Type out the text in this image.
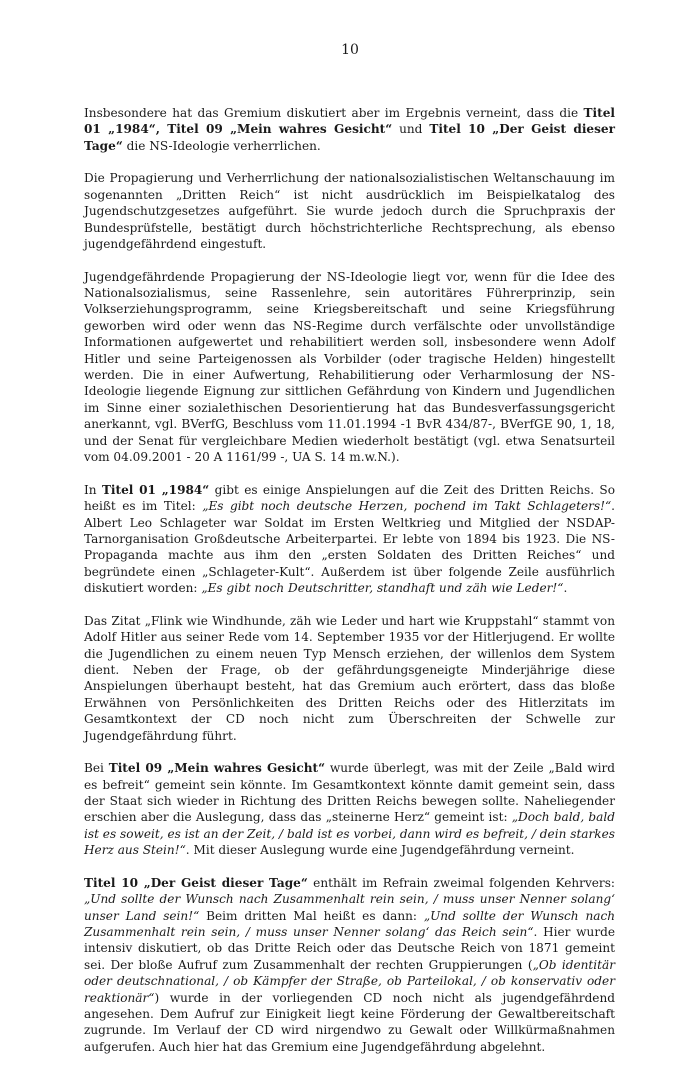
10

Insbesondere hat das Gremium diskutiert aber im Ergebnis verneint, dass die Titel 01 „1984“, Titel 09 „Mein wahres Gesicht“ und Titel 10 „Der Geist dieser Tage“ die NS-Ideologie verherrlichen.

Die Propagierung und Verherrlichung der nationalsozialistischen Weltanschauung im sogenannten „Dritten Reich“ ist nicht ausdrücklich im Beispielkatalog des Jugendschutzgesetzes aufgeführt. Sie wurde jedoch durch die Spruchpraxis der Bundesprüfstelle, bestätigt durch höchstrichterliche Rechtsprechung, als ebenso jugendgefährdend eingestuft.

Jugendgefährdende Propagierung der NS-Ideologie liegt vor, wenn für die Idee des Nationalsozialismus, seine Rassenlehre, sein autoritäres Führerprinzip, sein Volkserziehungsprogramm, seine Kriegsbereitschaft und seine Kriegsführung geworben wird oder wenn das NS-Regime durch verfälschte oder unvollständige Informationen aufgewertet und rehabilitiert werden soll, insbesondere wenn Adolf Hitler und seine Parteigenossen als Vorbilder (oder tragische Helden) hingestellt werden. Die in einer Aufwertung, Rehabilitierung oder Verharmlosung der NS-Ideologie liegende Eignung zur sittlichen Gefährdung von Kindern und Jugendlichen im Sinne einer sozialethischen Desorientierung hat das Bundesverfassungsgericht anerkannt, vgl. BVerfG, Beschluss vom 11.01.1994 -1 BvR 434/87-, BVerfGE 90, 1, 18, und der Senat für vergleichbare Medien wiederholt bestätigt (vgl. etwa Senatsurteil vom 04.09.2001 - 20 A 1161/99 -, UA S. 14 m.w.N.).

In Titel 01 „1984“ gibt es einige Anspielungen auf die Zeit des Dritten Reichs. So heißt es im Titel: „Es gibt noch deutsche Herzen, pochend im Takt Schlageters!“. Albert Leo Schlageter war Soldat im Ersten Weltkrieg und Mitglied der NSDAP-Tarnorganisation Großdeutsche Arbeiterpartei. Er lebte von 1894 bis 1923. Die NS-Propaganda machte aus ihm den „ersten Soldaten des Dritten Reiches“ und begründete einen „Schlageter-Kult“. Außerdem ist über folgende Zeile ausführlich diskutiert worden: „Es gibt noch Deutschritter, standhaft und zäh wie Leder!“.

Das Zitat „Flink wie Windhunde, zäh wie Leder und hart wie Kruppstahl“ stammt von Adolf Hitler aus seiner Rede vom 14. September 1935 vor der Hitlerjugend. Er wollte die Jugendlichen zu einem neuen Typ Mensch erziehen, der willenlos dem System dient. Neben der Frage, ob der gefährdungsgeneigte Minderjährige diese Anspielungen überhaupt besteht, hat das Gremium auch erörtert, dass das bloße Erwähnen von Persönlichkeiten des Dritten Reichs oder des Hitlerzitats im Gesamtkontext der CD noch nicht zum Überschreiten der Schwelle zur Jugendgefährdung führt.

Bei Titel 09 „Mein wahres Gesicht“ wurde überlegt, was mit der Zeile „Bald wird es befreit“ gemeint sein könnte. Im Gesamtkontext könnte damit gemeint sein, dass der Staat sich wieder in Richtung des Dritten Reichs bewegen sollte. Naheliegender erschien aber die Auslegung, dass das „steinerne Herz“ gemeint ist: „Doch bald, bald ist es soweit, es ist an der Zeit, / bald ist es vorbei, dann wird es befreit, / dein starkes Herz aus Stein!“. Mit dieser Auslegung wurde eine Jugendgefährdung verneint.

Titel 10 „Der Geist dieser Tage“ enthält im Refrain zweimal folgenden Kehrvers: „Und sollte der Wunsch nach Zusammenhalt rein sein, / muss unser Nenner solang‘ unser Land sein!“ Beim dritten Mal heißt es dann: „Und sollte der Wunsch nach Zusammenhalt rein sein, / muss unser Nenner solang‘ das Reich sein“. Hier wurde intensiv diskutiert, ob das Dritte Reich oder das Deutsche Reich von 1871 gemeint sei. Der bloße Aufruf zum Zusammenhalt der rechten Gruppierungen („Ob identitär oder deutschnational, / ob Kämpfer der Straße, ob Parteilokal, / ob konservativ oder reaktionär“) wurde in der vorliegenden CD noch nicht als jugendgefährdend angesehen. Dem Aufruf zur Einigkeit liegt keine Förderung der Gewaltbereitschaft zugrunde. Im Verlauf der CD wird nirgendwo zu Gewalt oder Willkürmaßnahmen aufgerufen. Auch hier hat das Gremium eine Jugendgefährdung abgelehnt.
